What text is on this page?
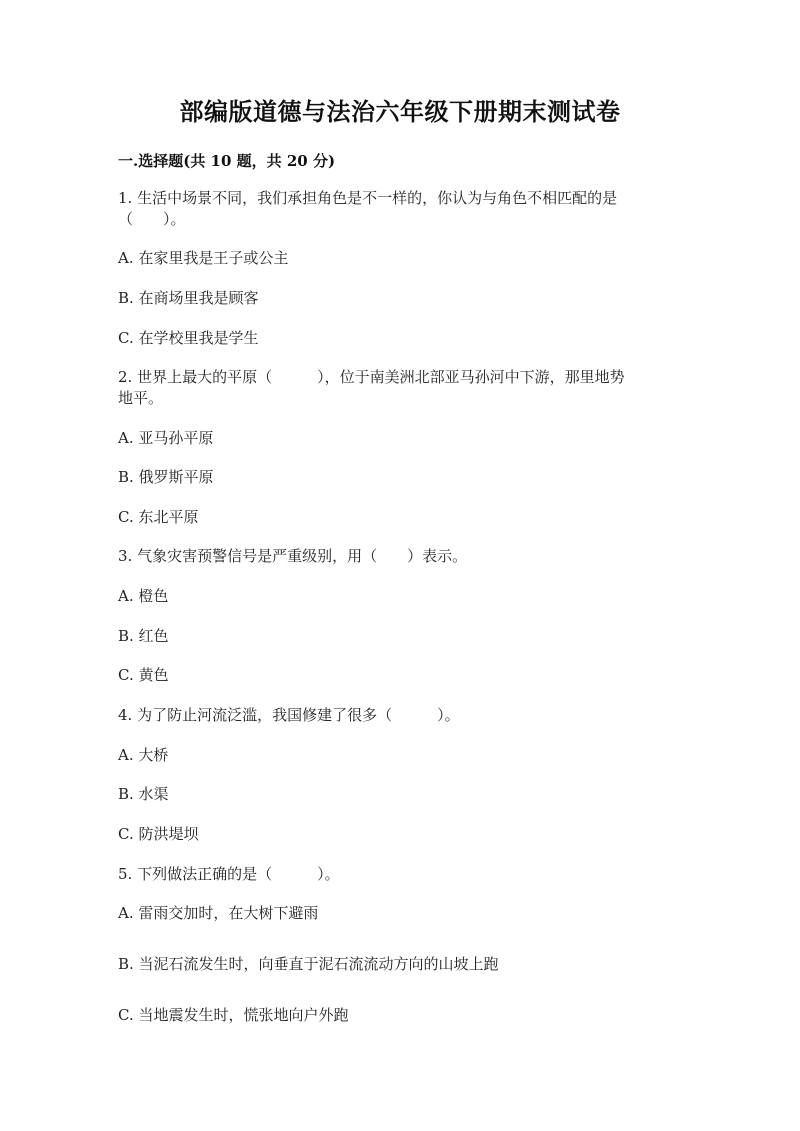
部编版道德与法治六年级下册期末测试卷
一.选择题(共 10 题，共 20 分)
1. 生活中场景不同，我们承担角色是不一样的，你认为与角色不相匹配的是
（　　）。
A. 在家里我是王子或公主
B. 在商场里我是顾客
C. 在学校里我是学生
2. 世界上最大的平原（　　　），位于南美洲北部亚马孙河中下游，那里地势
地平。
A. 亚马孙平原
B. 俄罗斯平原
C. 东北平原
3. 气象灾害预警信号是严重级别，用（　　）表示。
A. 橙色
B. 红色
C. 黄色
4. 为了防止河流泛滥，我国修建了很多（　　　）。
A. 大桥
B. 水渠
C. 防洪堤坝
5. 下列做法正确的是（　　　）。
A. 雷雨交加时，在大树下避雨
B. 当泥石流发生时，向垂直于泥石流流动方向的山坡上跑
C. 当地震发生时，慌张地向户外跑
